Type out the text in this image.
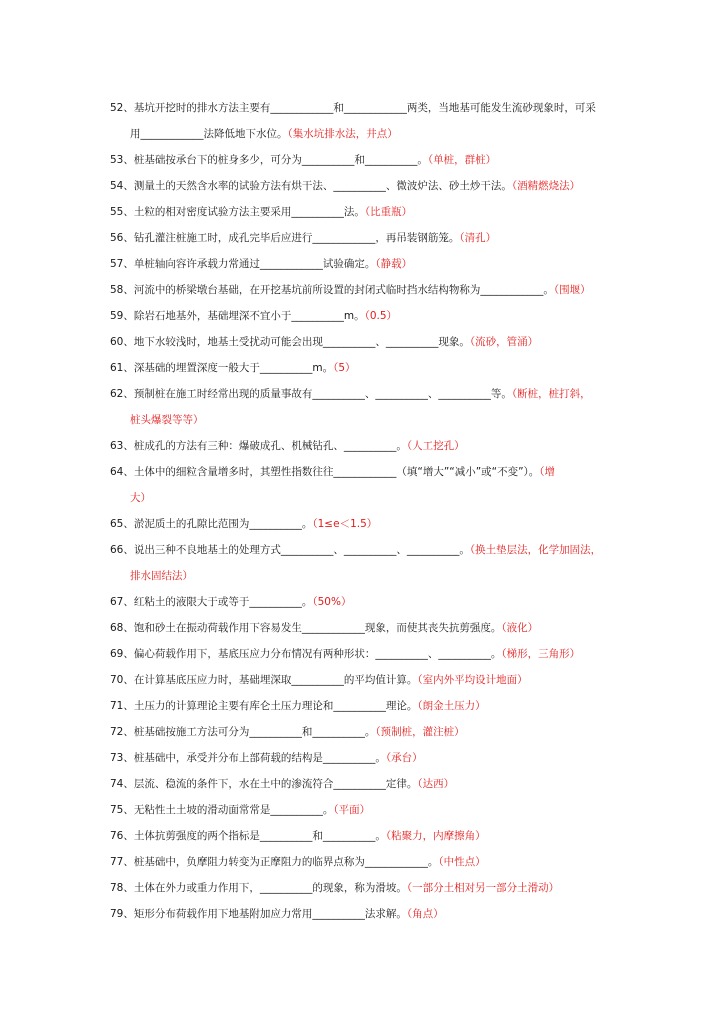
52、基坑开挖时的排水方法主要有____________和____________两类，当地基可能发生流砂现象时，可采
用____________法降低地下水位。（集水坑排水法，井点）
53、桩基础按承台下的桩身多少，可分为__________和__________。（单桩，群桩）
54、测量土的天然含水率的试验方法有烘干法、__________、微波炉法、砂土炒干法。（酒精燃烧法）
55、土粒的相对密度试验方法主要采用__________法。（比重瓶）
56、钻孔灌注桩施工时，成孔完毕后应进行____________，再吊装钢筋笼。（清孔）
57、单桩轴向容许承载力常通过____________试验确定。（静载）
58、河流中的桥梁墩台基础，在开挖基坑前所设置的封闭式临时挡水结构物称为____________。（围堰）
59、除岩石地基外，基础埋深不宜小于__________m。（0.5）
60、地下水较浅时，地基土受扰动可能会出现__________、__________现象。（流砂，管涌）
61、深基础的埋置深度一般大于__________m。（5）
62、预制桩在施工时经常出现的质量事故有__________、__________、__________等。（断桩，桩打斜，
桩头爆裂等等）
63、桩成孔的方法有三种：爆破成孔、机械钻孔、__________。（人工挖孔）
64、土体中的细粒含量增多时，其塑性指数往往____________（填“增大”“减小”或“不变”）。（增
大）
65、淤泥质土的孔隙比范围为__________。（1≤e＜1.5）
66、说出三种不良地基土的处理方式__________、__________、__________。（换土垫层法，化学加固法，
排水固结法）
67、红粘土的液限大于或等于__________。（50%）
68、饱和砂土在振动荷载作用下容易发生____________现象，而使其丧失抗剪强度。（液化）
69、偏心荷载作用下，基底压应力分布情况有两种形状：__________、__________。（梯形，三角形）
70、在计算基底压应力时，基础埋深取__________的平均值计算。（室内外平均设计地面）
71、土压力的计算理论主要有库仑土压力理论和__________理论。（朗金土压力）
72、桩基础按施工方法可分为__________和__________。（预制桩，灌注桩）
73、桩基础中，承受并分布上部荷载的结构是__________。（承台）
74、层流、稳流的条件下，水在土中的渗流符合__________定律。（达西）
75、无粘性土土坡的滑动面常常是__________。（平面）
76、土体抗剪强度的两个指标是__________和__________。（粘聚力，内摩擦角）
77、桩基础中，负摩阻力转变为正摩阻力的临界点称为____________。（中性点）
78、土体在外力或重力作用下，__________的现象，称为滑坡。（一部分土相对另一部分土滑动）
79、矩形分布荷载作用下地基附加应力常用__________法求解。（角点）
